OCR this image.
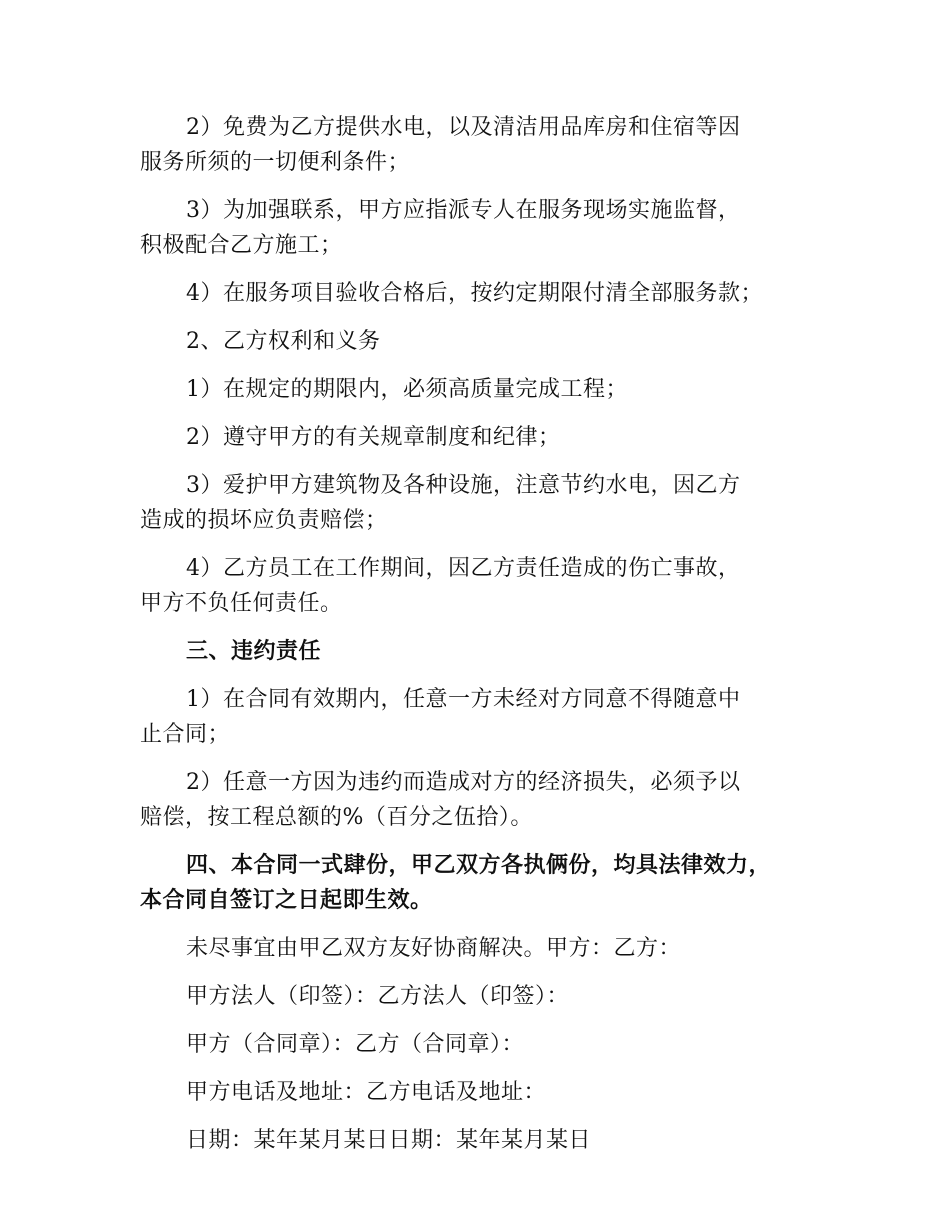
2）免费为乙方提供水电，以及清洁用品库房和住宿等因
服务所须的一切便利条件；

3）为加强联系，甲方应指派专人在服务现场实施监督，
积极配合乙方施工；

4）在服务项目验收合格后，按约定期限付清全部服务款；

2、乙方权利和义务

1）在规定的期限内，必须高质量完成工程；

2）遵守甲方的有关规章制度和纪律；

3）爱护甲方建筑物及各种设施，注意节约水电，因乙方
造成的损坏应负责赔偿；

4）乙方员工在工作期间，因乙方责任造成的伤亡事故，
甲方不负任何责任。

三、违约责任

1）在合同有效期内，任意一方未经对方同意不得随意中
止合同；

2）任意一方因为违约而造成对方的经济损失，必须予以
赔偿，按工程总额的%（百分之伍拾）。

四、本合同一式肆份，甲乙双方各执俩份，均具法律效力，
本合同自签订之日起即生效。

未尽事宜由甲乙双方友好协商解决。甲方：乙方：

甲方法人（印签）：乙方法人（印签）：

甲方（合同章）：乙方（合同章）：

甲方电话及地址：乙方电话及地址：

日期：某年某月某日日期：某年某月某日
